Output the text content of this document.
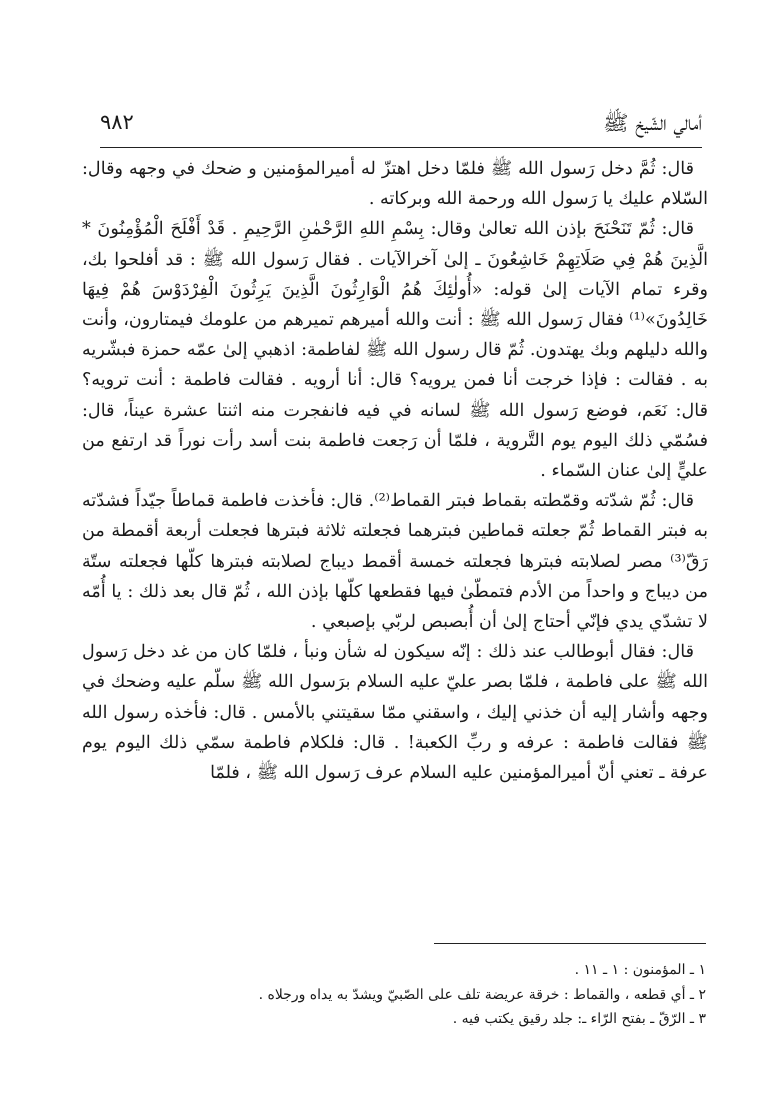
أمالي الشّيخ ﷺ
٩٨٢

قال: ثُمَّ دخل رَسول الله ﷺ فلمّا دخل اهتزّ له أميرالمؤمنين و ضحك في وجهه وقال: السّلام عليك يا رَسول الله ورحمة الله وبركاته .

قال: ثُمّ تَنَحْنَحَ بإذن الله تعالىٰ وقال: بِسْمِ اللهِ الرَّحْمٰنِ الرَّحِيمِ . قَدْ أَفْلَحَ الْمُؤْمِنُونَ * الَّذِينَ هُمْ فِي صَلَاتِهِمْ خَاشِعُونَ ـ إلىٰ آخرالآيات . فقال رَسول الله ﷺ : قد أفلحوا بك، وقرء تمام الآيات إلىٰ قوله: «أُولٰئِكَ هُمُ الْوَارِثُونَ الَّذِينَ يَرِثُونَ الْفِرْدَوْسَ هُمْ فِيهَا خَالِدُونَ»⁽¹⁾ فقال رَسول الله ﷺ : أنت والله أميرهم تميرهم من علومك فيمتارون، وأنت والله دليلهم وبك يهتدون. ثُمّ قال رسول الله ﷺ لفاطمة: اذهبي إلىٰ عمّه حمزة فبشّريه به . فقالت : فإذا خرجت أنا فمن يرويه؟ قال: أنا أرويه . فقالت فاطمة : أنت ترويه؟ قال: نَعَم، فوضع رَسول الله ﷺ لسانه في فيه فانفجرت منه اثنتا عشرة عيناً، قال: فسُمّي ذلك اليوم يوم التَّروية ، فلمّا أن رَجعت فاطمة بنت أسد رأت نوراً قد ارتفع من عليٍّ إلىٰ عنان السّماء .

قال: ثُمّ شدّته وقمّطته بقماط فبتر القماط⁽²⁾. قال: فأخذت فاطمة قماطاً جيّداً فشدّته به فبتر القماط ثُمّ جعلته قماطين فبترهما فجعلته ثلاثة فبترها فجعلت أربعة أقمطة من رَقّ⁽³⁾ مصر لصلابته فبترها فجعلته خمسة أقمط ديباج لصلابته فبترها كلّها فجعلته ستّة من ديباج و واحداً من الأدم فتمطّىٰ فيها فقطعها كلّها بإذن الله ، ثُمّ قال بعد ذلك : يا أُمّه لا تشدّي يدي فإنّي أحتاج إلىٰ أن أُبصبص لربّي بإصبعي .

قال: فقال أبوطالب عند ذلك : إنّه سيكون له شأن ونبأ ، فلمّا كان من غد دخل رَسول الله ﷺ على فاطمة ، فلمّا بصر عليّ عليه السلام برَسول الله ﷺ سلّم عليه وضحك في وجهه وأشار إليه أن خذني إليك ، واسقني ممّا سقيتني بالأمس . قال: فأخذه رسول الله ﷺ فقالت فاطمة : عرفه و ربِّ الكعبة! . قال: فلكلام فاطمة سمّي ذلك اليوم يوم عرفة ـ تعني أنّ أميرالمؤمنين عليه السلام عرف رَسول الله ﷺ ، فلمّا

١ ـ المؤمنون : ١ ـ ١١ .
٢ ـ أي قطعه ، والقماط : خرقة عريضة تلف على الصّبيّ ويشدّ به يداه ورجلاه .
٣ ـ الرّقّ ـ بفتح الرّاء ـ: جلد رقيق يكتب فيه .
